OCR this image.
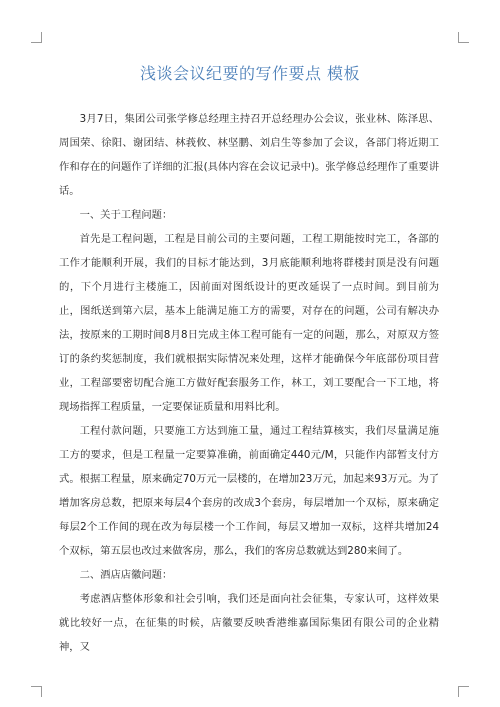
浅谈会议纪要的写作要点 模板

3月7日，集团公司张学修总经理主持召开总经理办公会议，张业林、陈泽思、周国荣、徐阳、谢团结、林莪攸、林坚鹏、刘启生等参加了会议，各部门将近期工作和存在的问题作了详细的汇报(具体内容在会议记录中)。张学修总经理作了重要讲话。

一、关于工程问题：

首先是工程问题，工程是目前公司的主要问题，工程工期能按时完工，各部的工作才能顺利开展，我们的目标才能达到，3月底能顺利地将群楼封顶是没有问题的，下个月进行主楼施工，因前面对图纸设计的更改延误了一点时间。到目前为止，图纸送到第六层，基本上能满足施工方的需要，对存在的问题，公司有解决办法，按原来的工期时间8月8日完成主体工程可能有一定的问题，那么，对原双方签订的条约奖惩制度，我们就根据实际情况来处理，这样才能确保今年底部份项目营业，工程部要密切配合施工方做好配套服务工作，林工，刘工要配合一下工地，将现场指挥工程质量，一定要保证质量和用料比利。

工程付款问题，只要施工方达到施工量，通过工程结算核实，我们尽量满足施工方的要求，但是工程量一定要算准确，前面确定440元/M，只能作内部暂支付方式。根据工程量，原来确定70万元一层楼的，在增加23万元，加起来93万元。为了增加客房总数，把原来每层4个套房的改成3个套房，每层增加一个双标，原来确定每层2个工作间的现在改为每层楼一个工作间，每层又增加一双标，这样共增加24个双标，第五层也改过来做客房，那么，我们的客房总数就达到280来间了。

二、酒店店徽问题：

考虑酒店整体形象和社会引响，我们还是面向社会征集，专家认可，这样效果就比较好一点，在征集的时候，店徽要反映香港维嘉国际集团有限公司的企业精神，又
